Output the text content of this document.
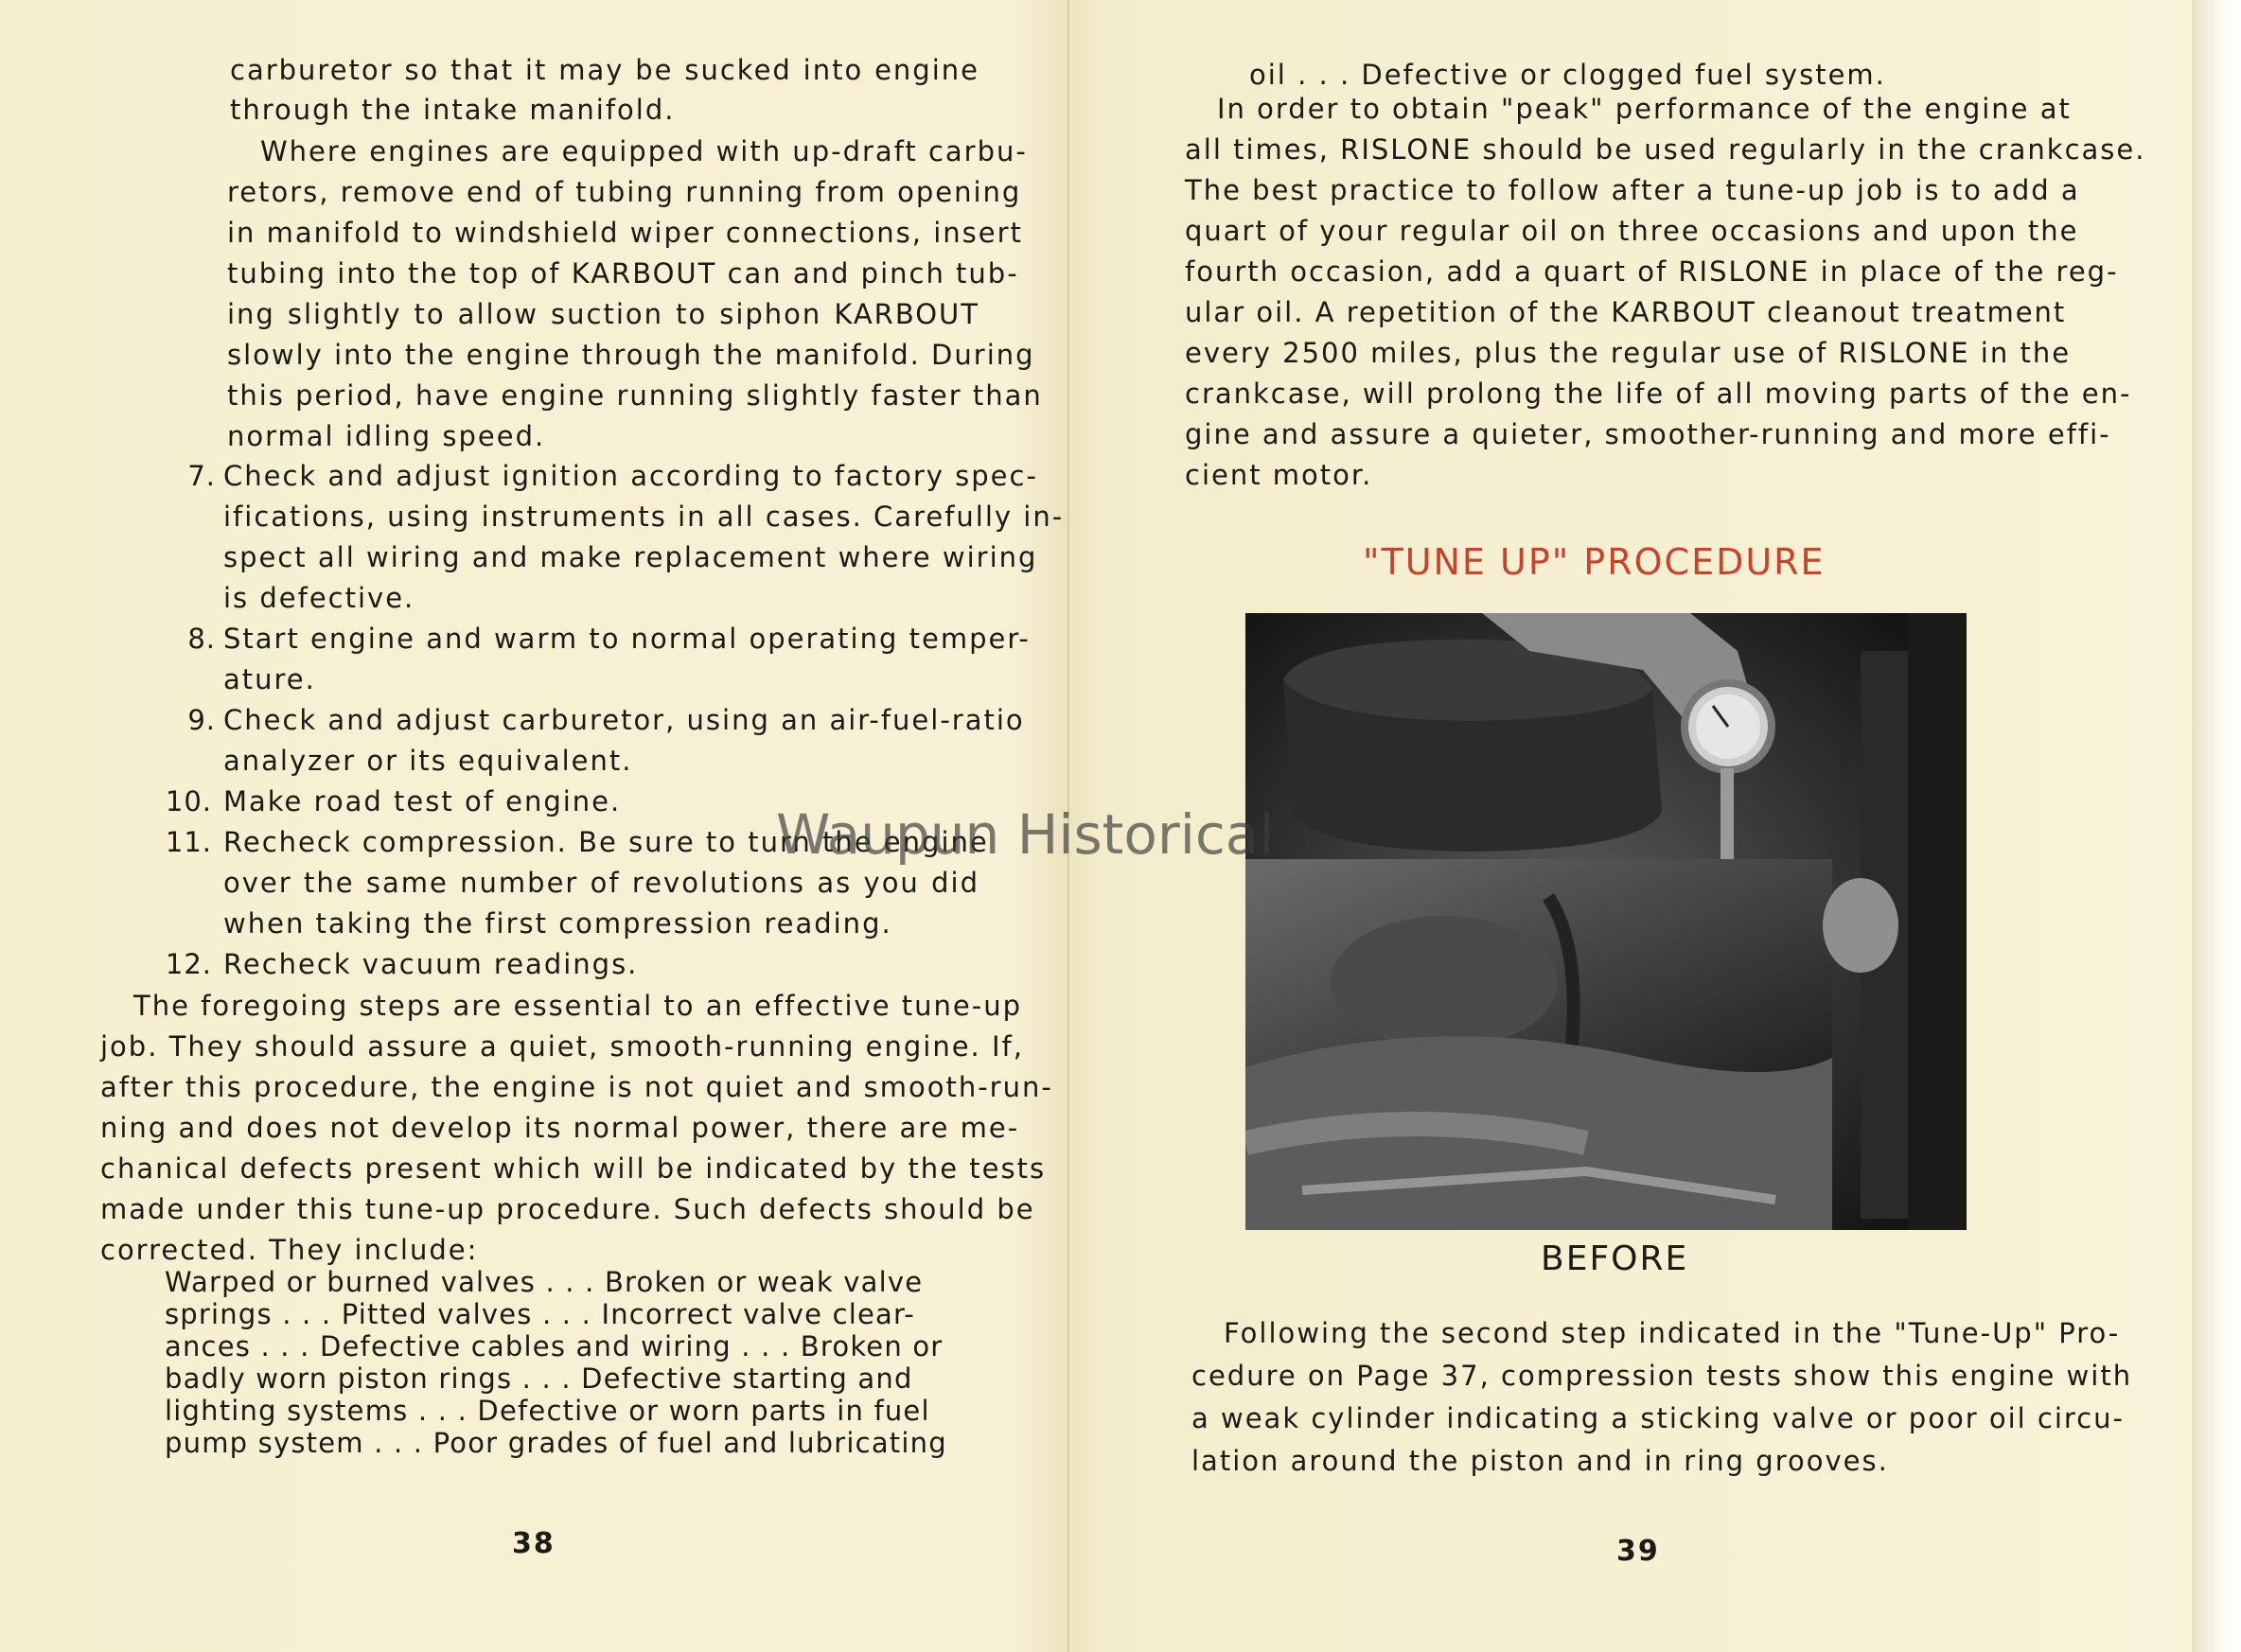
carburetor so that it may be sucked into engine
through the intake manifold.
Where engines are equipped with up-draft carbu-
retors, remove end of tubing running from opening
in manifold to windshield wiper connections, insert
tubing into the top of KARBOUT can and pinch tub-
ing slightly to allow suction to siphon KARBOUT
slowly into the engine through the manifold. During
this period, have engine running slightly faster than
normal idling speed.
7. Check and adjust ignition according to factory spec-
ifications, using instruments in all cases. Carefully in-
spect all wiring and make replacement where wiring
is defective.
8. Start engine and warm to normal operating temper-
ature.
9. Check and adjust carburetor, using an air-fuel-ratio
analyzer or its equivalent.
10. Make road test of engine.
11. Recheck compression. Be sure to turn the engine
over the same number of revolutions as you did
when taking the first compression reading.
12. Recheck vacuum readings.
The foregoing steps are essential to an effective tune-up
job. They should assure a quiet, smooth-running engine. If,
after this procedure, the engine is not quiet and smooth-run-
ning and does not develop its normal power, there are me-
chanical defects present which will be indicated by the tests
made under this tune-up procedure. Such defects should be
corrected. They include:
Warped or burned valves . . . Broken or weak valve
springs . . . Pitted valves . . . Incorrect valve clear-
ances . . . Defective cables and wiring . . . Broken or
badly worn piston rings . . . Defective starting and
lighting systems . . . Defective or worn parts in fuel
pump system . . . Poor grades of fuel and lubricating
38
oil . . . Defective or clogged fuel system.
In order to obtain "peak" performance of the engine at
all times, RISLONE should be used regularly in the crankcase.
The best practice to follow after a tune-up job is to add a
quart of your regular oil on three occasions and upon the
fourth occasion, add a quart of RISLONE in place of the reg-
ular oil. A repetition of the KARBOUT cleanout treatment
every 2500 miles, plus the regular use of RISLONE in the
crankcase, will prolong the life of all moving parts of the en-
gine and assure a quieter, smoother-running and more effi-
cient motor.
"TUNE UP" PROCEDURE
BEFORE
Following the second step indicated in the "Tune-Up" Pro-
cedure on Page 37, compression tests show this engine with
a weak cylinder indicating a sticking valve or poor oil circu-
lation around the piston and in ring grooves.
39
Waupun Historical
